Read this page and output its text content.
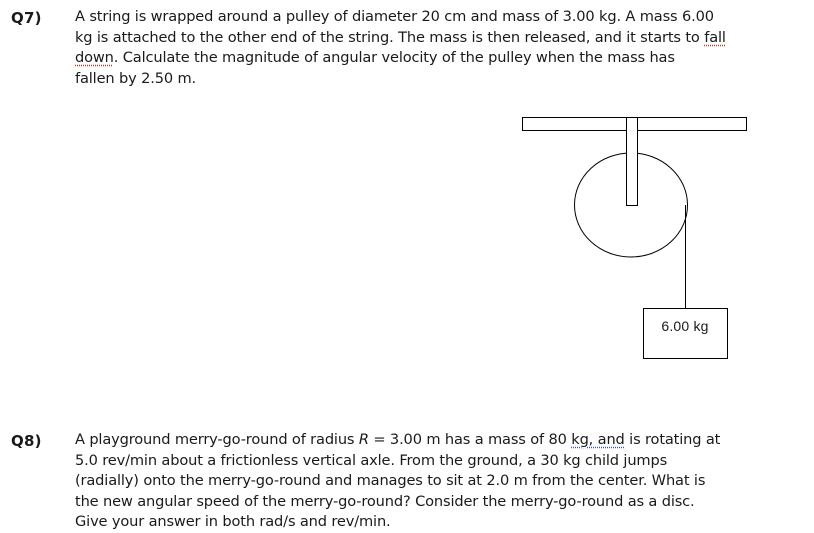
Q7) A string is wrapped around a pulley of diameter 20 cm and mass of 3.00 kg. A mass 6.00

kg is attached to the other end of the string. The mass is then released, and it starts to fall

down. Calculate the magnitude of angular velocity of the pulley when the mass has

fallen by 2.50 m.

6.00 kg
Q8) A playground merry-go-round of radius R = 3.00 m has a mass of 80 kg, and is rotating at

5.0 rev/min about a frictionless vertical axle. From the ground, a 30 kg child jumps

(radially) onto the merry-go-round and manages to sit at 2.0 m from the center. What is

the new angular speed of the merry-go-round? Consider the merry-go-round as a disc.

Give your answer in both rad/s and rev/min.
